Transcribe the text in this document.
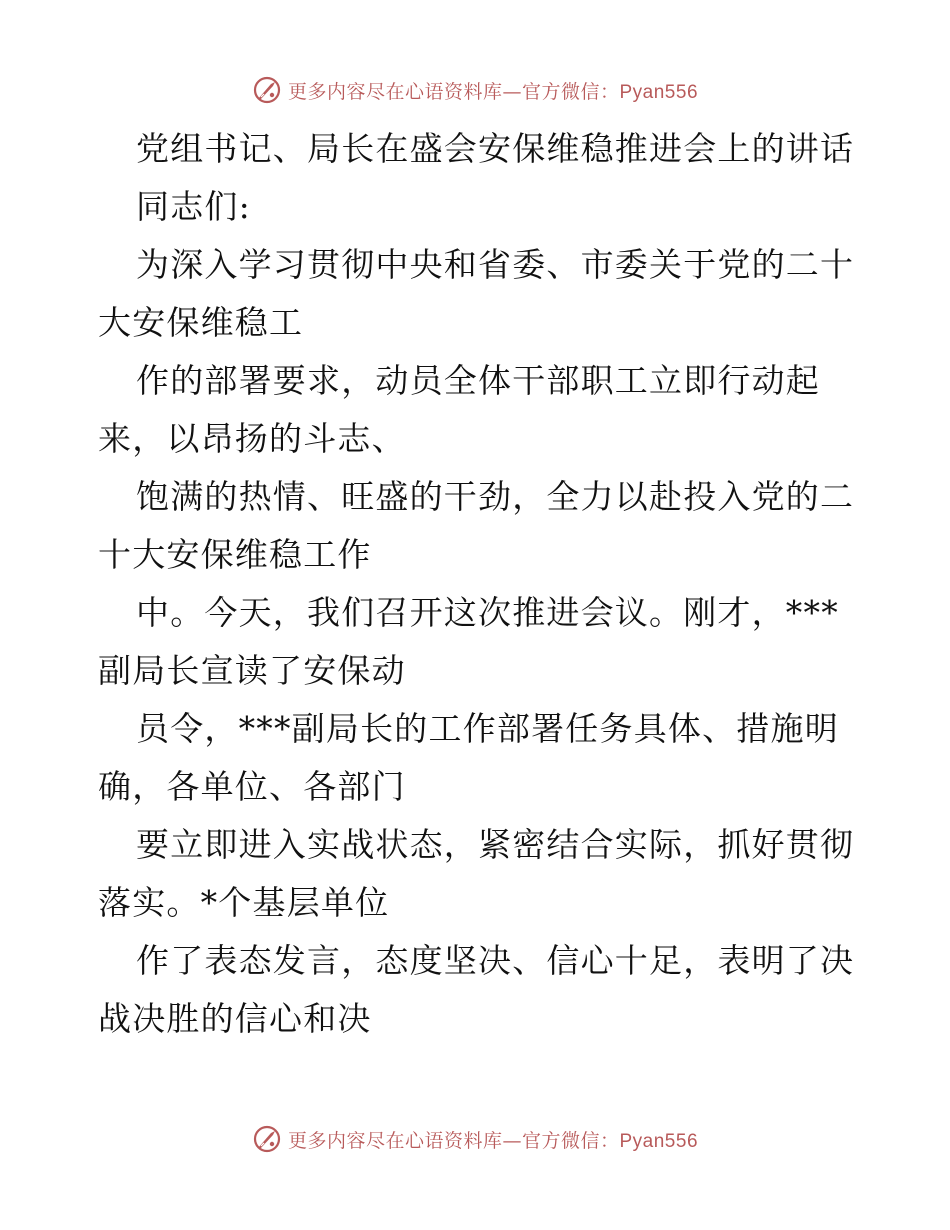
更多内容尽在心语资料库—官方微信：Pyan556
党组书记、局长在盛会安保维稳推进会上的讲话
同志们:
为深入学习贯彻中央和省委、市委关于党的二十
大安保维稳工
作的部署要求，动员全体干部职工立即行动起
来，以昂扬的斗志、
饱满的热情、旺盛的干劲，全力以赴投入党的二
十大安保维稳工作
中。今天，我们召开这次推进会议。刚才，***
副局长宣读了安保动
员令，***副局长的工作部署任务具体、措施明
确，各单位、各部门
要立即进入实战状态，紧密结合实际，抓好贯彻
落实。*个基层单位
作了表态发言，态度坚决、信心十足，表明了决
战决胜的信心和决
更多内容尽在心语资料库—官方微信：Pyan556
